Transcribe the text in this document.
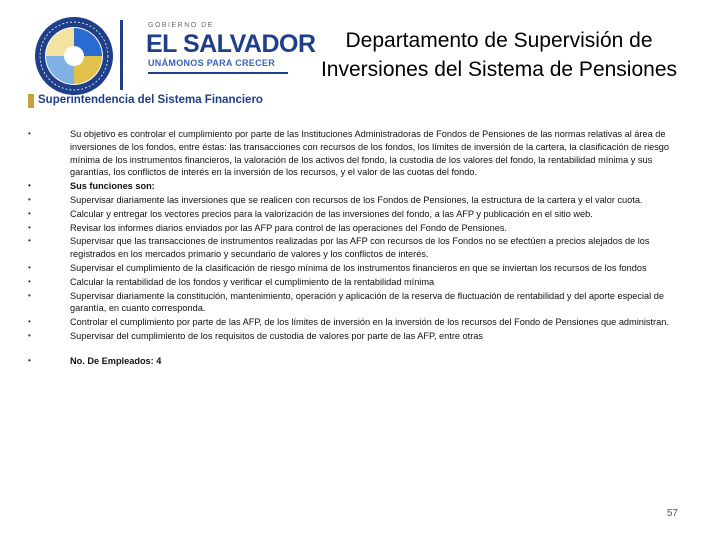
GOBIERNO DE
EL SALVADOR
UNÁMONOS PARA CRECER
Superintendencia del Sistema Financiero
Departamento de Supervisión de Inversiones del Sistema de Pensiones
•	Su objetivo es controlar el cumplimiento por parte de las Instituciones Administradoras de Fondos de Pensiones de las normas relativas al área de inversiones de los fondos, entre éstas: las transacciones con recursos de los fondos, los límites de inversión de la cartera, la clasificación de riesgo mínima de los instrumentos financieros, la valoración de los activos del fondo, la custodia de los valores del fondo, la rentabilidad mínima y sus garantías, los conflictos de interés en la inversión de los recursos, y el valor de las cuotas del fondo.
•	Sus funciones son:
•	Supervisar diariamente las inversiones que se realicen con recursos de los Fondos de Pensiones, la estructura de la cartera y el valor cuota.
•	Calcular y entregar los vectores precios para la valorización de las inversiones del fondo, a las AFP y publicación en el sitio web.
•	Revisar los informes diarios enviados por las AFP para control de las operaciones del Fondo de Pensiones.
•	Supervisar que las transacciones de instrumentos realizadas por las AFP con recursos de los Fondos no se efectúen a precios alejados de los registrados en los mercados primario y secundario de valores y los conflictos de interés.
•	Supervisar el cumplimiento de la clasificación de riesgo mínima de los instrumentos financieros en que se inviertan los recursos de los fondos
•	Calcular la rentabilidad de los fondos y verificar el cumplimiento de la rentabilidad mínima
•	Supervisar diariamente la constitución, mantenimiento, operación y aplicación de la reserva de fluctuación de rentabilidad y del aporte especial de garantía, en cuanto corresponda.
•	Controlar el cumplimiento por parte de las AFP, de los límites de inversión en la inversión de los recursos del Fondo de Pensiones que administran.
•	Supervisar del cumplimiento de los requisitos de custodia de valores por parte de las AFP, entre otras
•	No. De Empleados: 4
57
